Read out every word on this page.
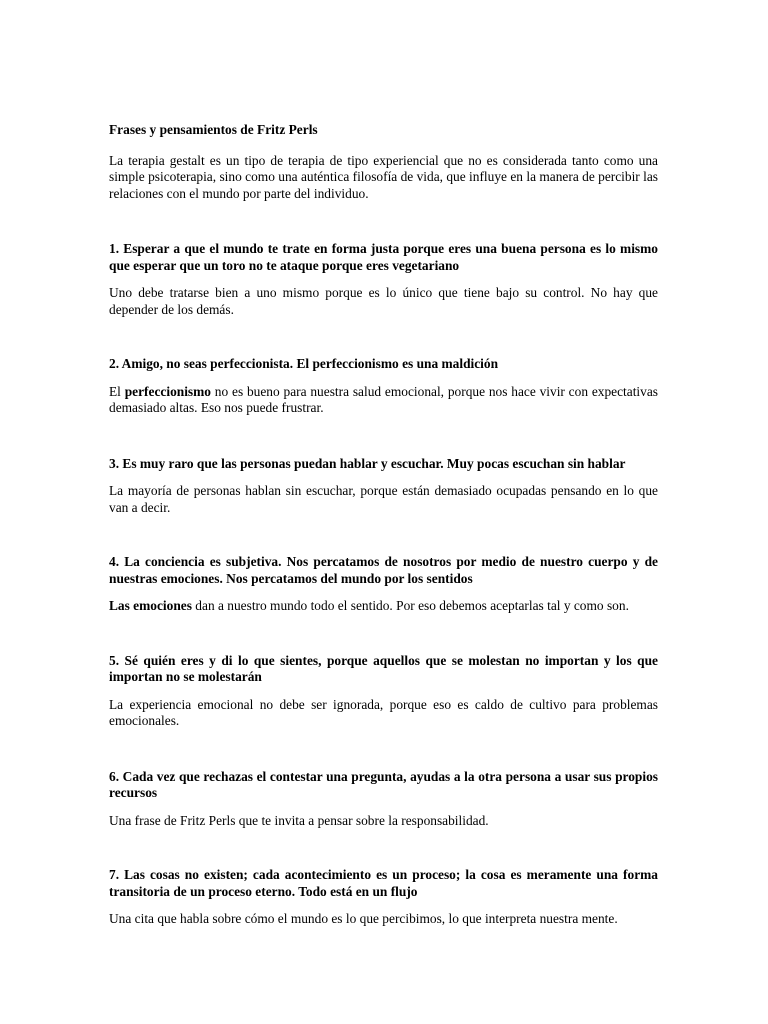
Frases y pensamientos de Fritz Perls

La terapia gestalt es un tipo de terapia de tipo experiencial que no es considerada tanto como una simple psicoterapia, sino como una auténtica filosofía de vida, que influye en la manera de percibir las relaciones con el mundo por parte del individuo.

1. Esperar a que el mundo te trate en forma justa porque eres una buena persona es lo mismo que esperar que un toro no te ataque porque eres vegetariano

Uno debe tratarse bien a uno mismo porque es lo único que tiene bajo su control. No hay que depender de los demás.

2. Amigo, no seas perfeccionista. El perfeccionismo es una maldición

El perfeccionismo no es bueno para nuestra salud emocional, porque nos hace vivir con expectativas demasiado altas. Eso nos puede frustrar.

3. Es muy raro que las personas puedan hablar y escuchar. Muy pocas escuchan sin hablar

La mayoría de personas hablan sin escuchar, porque están demasiado ocupadas pensando en lo que van a decir.

4. La conciencia es subjetiva. Nos percatamos de nosotros por medio de nuestro cuerpo y de nuestras emociones. Nos percatamos del mundo por los sentidos

Las emociones dan a nuestro mundo todo el sentido. Por eso debemos aceptarlas tal y como son.

5. Sé quién eres y di lo que sientes, porque aquellos que se molestan no importan y los que importan no se molestarán

La experiencia emocional no debe ser ignorada, porque eso es caldo de cultivo para problemas emocionales.

6. Cada vez que rechazas el contestar una pregunta, ayudas a la otra persona a usar sus propios recursos

Una frase de Fritz Perls que te invita a pensar sobre la responsabilidad.

7. Las cosas no existen; cada acontecimiento es un proceso; la cosa es meramente una forma transitoria de un proceso eterno. Todo está en un flujo

Una cita que habla sobre cómo el mundo es lo que percibimos, lo que interpreta nuestra mente.
